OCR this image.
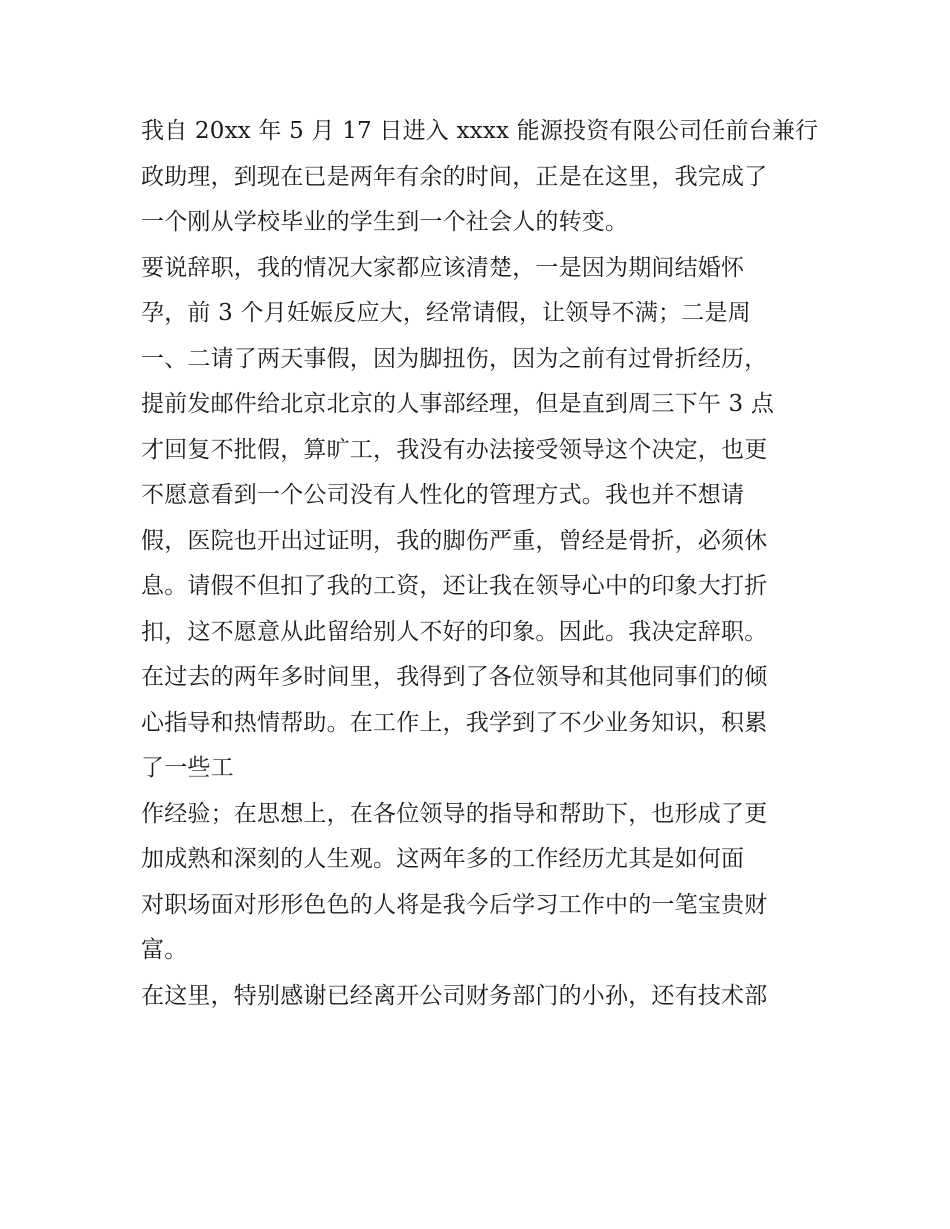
我自 20xx 年 5 月 17 日进入 xxxx 能源投资有限公司任前台兼行
政助理，到现在已是两年有余的时间，正是在这里，我完成了
一个刚从学校毕业的学生到一个社会人的转变。
要说辞职，我的情况大家都应该清楚，一是因为期间结婚怀
孕，前 3 个月妊娠反应大，经常请假，让领导不满；二是周
一、二请了两天事假，因为脚扭伤，因为之前有过骨折经历，
提前发邮件给北京北京的人事部经理，但是直到周三下午 3 点
才回复不批假，算旷工，我没有办法接受领导这个决定，也更
不愿意看到一个公司没有人性化的管理方式。我也并不想请
假，医院也开出过证明，我的脚伤严重，曾经是骨折，必须休
息。请假不但扣了我的工资，还让我在领导心中的印象大打折
扣，这不愿意从此留给别人不好的印象。因此。我决定辞职。
在过去的两年多时间里，我得到了各位领导和其他同事们的倾
心指导和热情帮助。在工作上，我学到了不少业务知识，积累
了一些工
作经验；在思想上，在各位领导的指导和帮助下，也形成了更
加成熟和深刻的人生观。这两年多的工作经历尤其是如何面
对职场面对形形色色的人将是我今后学习工作中的一笔宝贵财
富。
在这里，特别感谢已经离开公司财务部门的小孙，还有技术部
